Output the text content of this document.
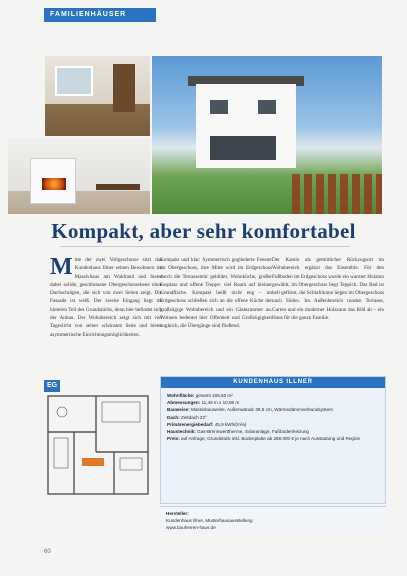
FAMILIENHÄUSER
Kompakt, aber sehr komfortabel
Mitte der zwei Vollgeschosse sitzt das Kundenhaus Illner seinen Bewohnern im Massivhaus am Waldrand und bietet dabei solide, geschlossene Obergeschossebene ohne Dachschrägen, die sich von zwei Seiten zeigt. Die Fassade ist weiß. Der zweite Eingang liegt im hinteren Teil des Grundstücks, denn hier befindet sich der Anbau. Der Wohnbereich zeigt sich mit viel Tageslicht von seiner schönsten Seite und bietet asymmetrische Einrichtungsmöglichkeiten.
Kompakt und klar: Symmetrisch gegliederte Fenster im Obergeschoss, ihre Mitte wird im Erdgeschoss durch die Terrassentür gebildet. Wohnküche, großer Essplatz und offene Treppe: viel Raum auf kleiner Grundfläche. Kompakt heißt nicht eng – im Erdgeschoss schließen sich an die offene Küche der großzügige Wohnbereich und ein Gästezimmer an. Wohnen bedeutet hier Offenheit und Großzügigkeit zugleich, die Übergänge sind fließend.
Der Kamin als gemütlicher Rückzugsort im Wohnbereich ergänzt das Ensemble. Für den Fußboden im Erdgeschoss wurde ein warmer Holzton gewählt, im Obergeschoss liegt Teppich. Das Bad ist hell gefliest, die Schlafräume liegen im Obergeschoss nach Süden. Im Außenbereich runden Terrasse, Garten und ein moderner Holzzaun das Bild ab – ein Haus für die ganze Familie.
EG	KUNDENHAUS ILLNER
Wohnfläche: gesamt 165,50 m²
Abmessungen: 11,49 m x 10,96 m
Bauweise: Massivbauweise, Außenwände 36,5 cm, Wärmedämmverbundsystem
Dach: Zeltdach 22°
Primärenergiebedarf: 45,9 kWh/(m²a)
Haustechnik: Gas-Brennwerttherme, Solaranlage, Fußbodenheizung
Preis: auf Anfrage, Grundstück inkl. Bodenplatte ab 289.000 € je nach Ausstattung und Region
Hersteller:
Kundenhaus Illner, Musterhausausstellung
www.bauherren-haus.de
60
